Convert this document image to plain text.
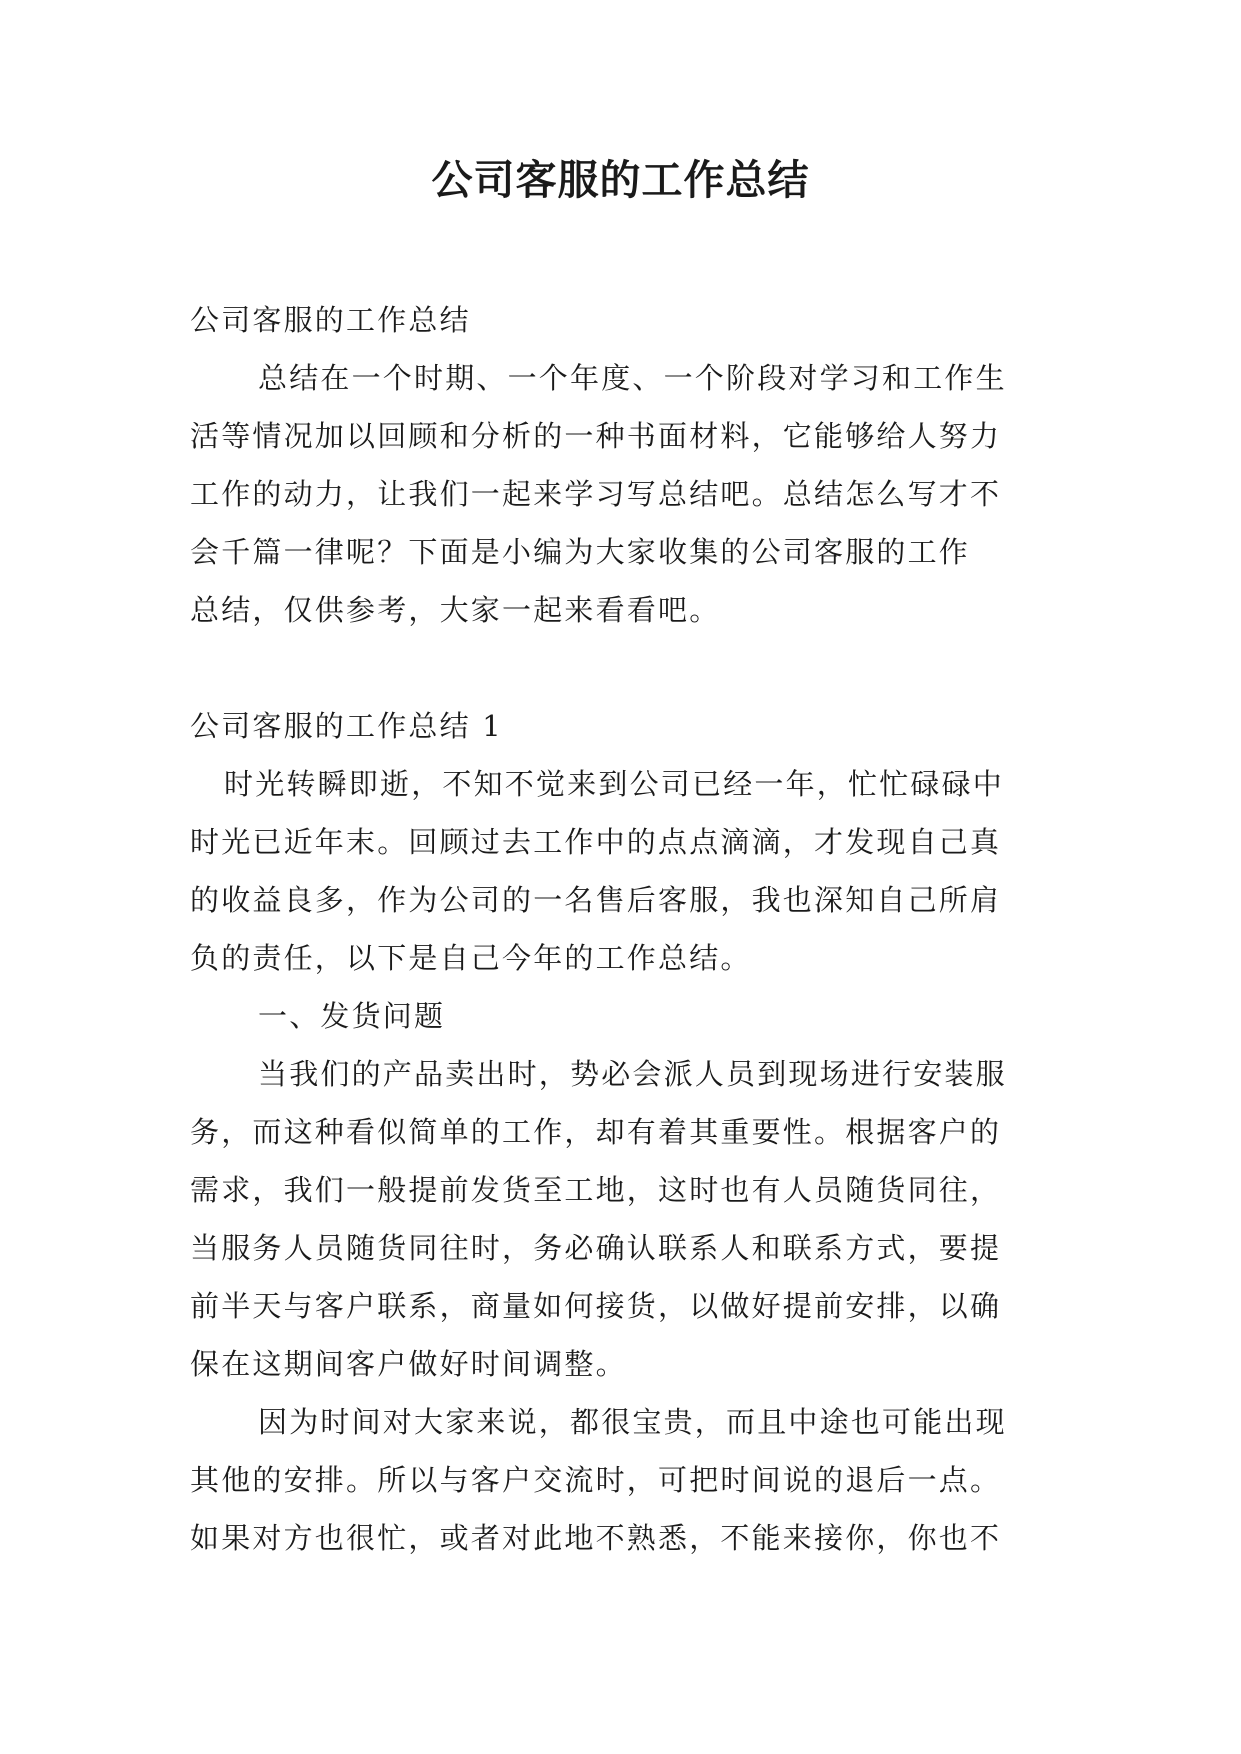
公司客服的工作总结
公司客服的工作总结
总结在一个时期、一个年度、一个阶段对学习和工作生
活等情况加以回顾和分析的一种书面材料，它能够给人努力
工作的动力，让我们一起来学习写总结吧。总结怎么写才不
会千篇一律呢？下面是小编为大家收集的公司客服的工作
总结，仅供参考，大家一起来看看吧。
公司客服的工作总结 1
时光转瞬即逝，不知不觉来到公司已经一年，忙忙碌碌中
时光已近年末。回顾过去工作中的点点滴滴，才发现自己真
的收益良多，作为公司的一名售后客服，我也深知自己所肩
负的责任，以下是自己今年的工作总结。
一、发货问题
当我们的产品卖出时，势必会派人员到现场进行安装服
务，而这种看似简单的工作，却有着其重要性。根据客户的
需求，我们一般提前发货至工地，这时也有人员随货同往，
当服务人员随货同往时，务必确认联系人和联系方式，要提
前半天与客户联系，商量如何接货，以做好提前安排，以确
保在这期间客户做好时间调整。
因为时间对大家来说，都很宝贵，而且中途也可能出现
其他的安排。所以与客户交流时，可把时间说的退后一点。
如果对方也很忙，或者对此地不熟悉，不能来接你，你也不
